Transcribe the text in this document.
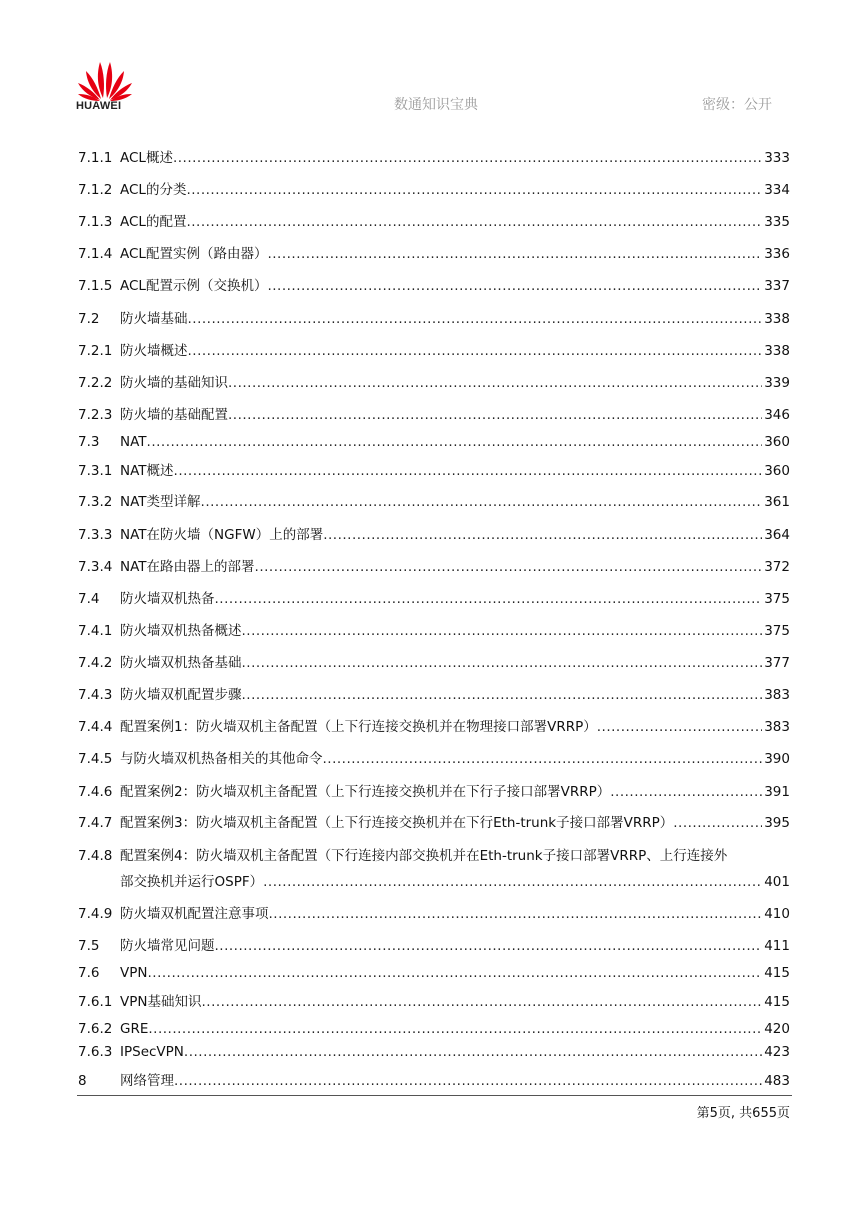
HUAWEI	数通知识宝典	密级：公开
7.1.1 ACL概述 .....	333
7.1.2 ACL的分类 .....	334
7.1.3 ACL的配置 .....	335
7.1.4 ACL配置实例（路由器） .....	336
7.1.5 ACL配置示例（交换机） .....	337
7.2 防火墙基础 .....	338
7.2.1 防火墙概述 .....	338
7.2.2 防火墙的基础知识 .....	339
7.2.3 防火墙的基础配置 .....	346
7.3 NAT .....	360
7.3.1 NAT概述 .....	360
7.3.2 NAT类型详解 .....	361
7.3.3 NAT在防火墙（NGFW）上的部署 .....	364
7.3.4 NAT在路由器上的部署 .....	372
7.4 防火墙双机热备 .....	375
7.4.1 防火墙双机热备概述 .....	375
7.4.2 防火墙双机热备基础 .....	377
7.4.3 防火墙双机配置步骤 .....	383
7.4.4 配置案例1：防火墙双机主备配置（上下行连接交换机并在物理接口部署VRRP） .....	383
7.4.5 与防火墙双机热备相关的其他命令 .....	390
7.4.6 配置案例2：防火墙双机主备配置（上下行连接交换机并在下行子接口部署VRRP） .....	391
7.4.7 配置案例3：防火墙双机主备配置（上下行连接交换机并在下行Eth-trunk子接口部署VRRP） .....	395
7.4.8 配置案例4：防火墙双机主备配置（下行连接内部交换机并在Eth-trunk子接口部署VRRP、上行连接外
部交换机并运行OSPF） .....	401
7.4.9 防火墙双机配置注意事项 .....	410
7.5 防火墙常见问题 .....	411
7.6 VPN .....	415
7.6.1 VPN基础知识 .....	415
7.6.2 GRE .....	420
7.6.3 IPSecVPN .....	423
8 网络管理 .....	483
第5页, 共655页
